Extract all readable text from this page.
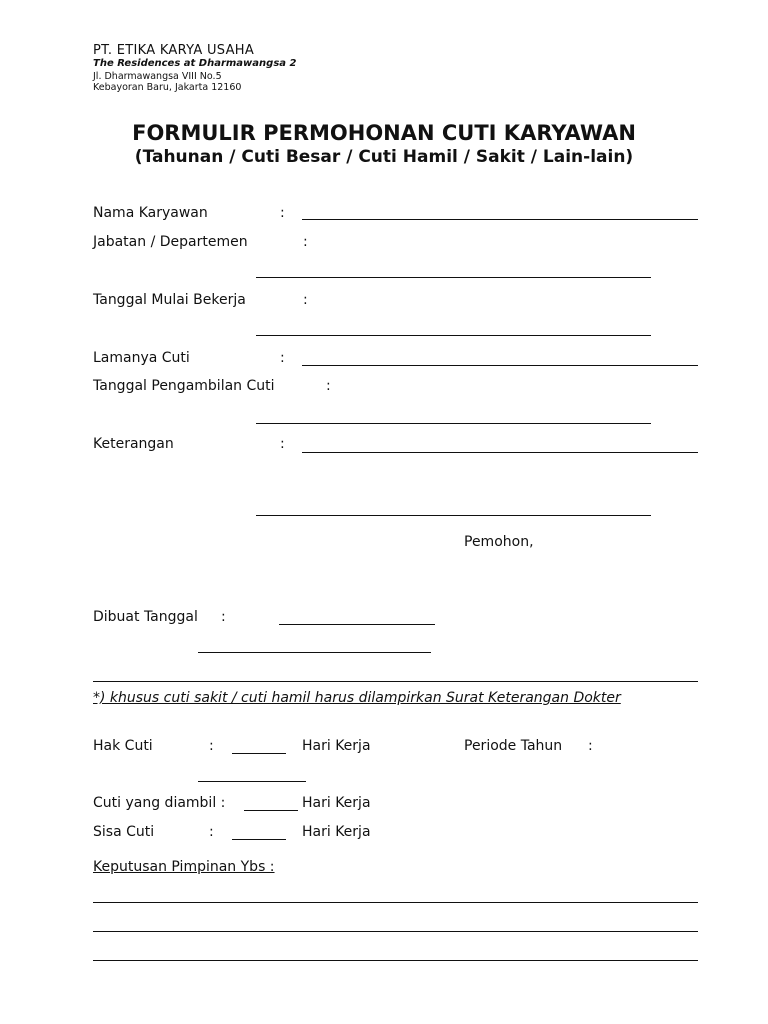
PT. ETIKA KARYA USAHA
The Residences at Dharmawangsa 2
Jl. Dharmawangsa VIII No.5
Kebayoran Baru, Jakarta 12160
FORMULIR PERMOHONAN CUTI KARYAWAN
(Tahunan / Cuti Besar / Cuti Hamil / Sakit / Lain-lain)
Nama Karyawan	:
Jabatan / Departemen	:
Tanggal Mulai Bekerja	:
Lamanya Cuti	:
Tanggal Pengambilan Cuti	:
Keterangan	:
Pemohon,
Dibuat Tanggal :
*) khusus cuti sakit / cuti hamil harus dilampirkan Surat Keterangan Dokter
Hak Cuti	:	Hari Kerja	Periode Tahun :
Cuti yang diambil :	Hari Kerja
Sisa Cuti	:	Hari Kerja
Keputusan Pimpinan Ybs :
